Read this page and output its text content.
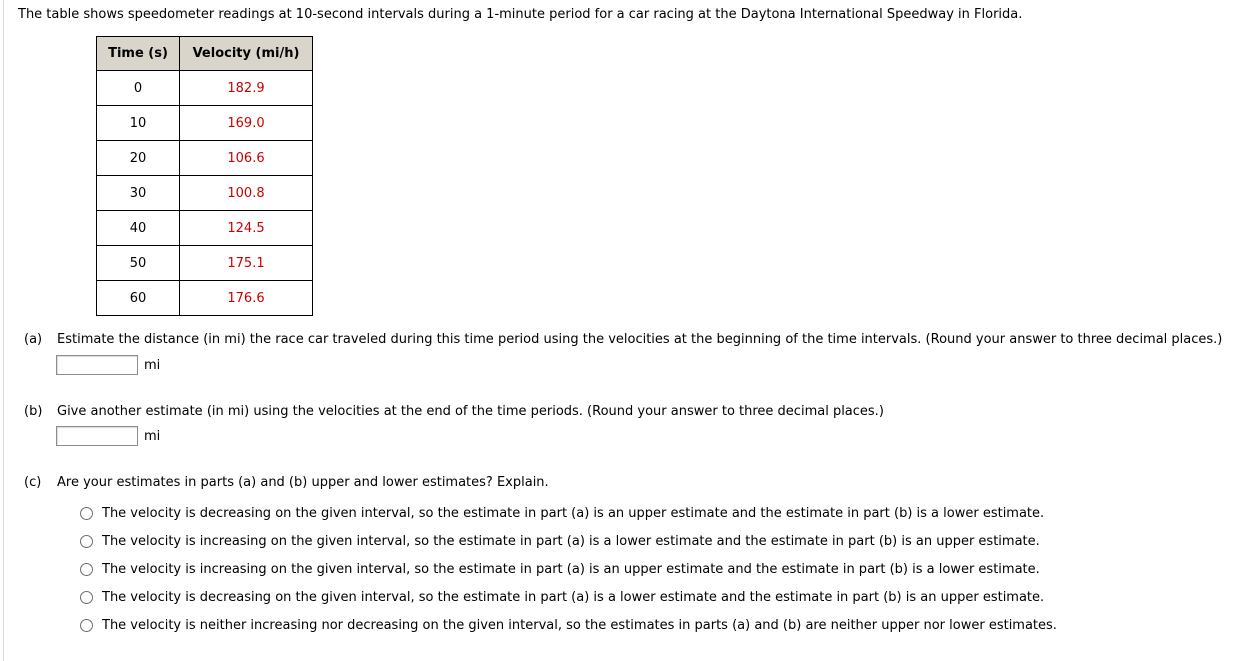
The table shows speedometer readings at 10-second intervals during a 1-minute period for a car racing at the Daytona International Speedway in Florida.
Time (s)	Velocity (mi/h)
0	182.9
10	169.0
20	106.6
30	100.8
40	124.5
50	175.1
60	176.6
(a) Estimate the distance (in mi) the race car traveled during this time period using the velocities at the beginning of the time intervals. (Round your answer to three decimal places.)
mi
(b) Give another estimate (in mi) using the velocities at the end of the time periods. (Round your answer to three decimal places.)
mi
(c) Are your estimates in parts (a) and (b) upper and lower estimates? Explain.
The velocity is decreasing on the given interval, so the estimate in part (a) is an upper estimate and the estimate in part (b) is a lower estimate.
The velocity is increasing on the given interval, so the estimate in part (a) is a lower estimate and the estimate in part (b) is an upper estimate.
The velocity is increasing on the given interval, so the estimate in part (a) is an upper estimate and the estimate in part (b) is a lower estimate.
The velocity is decreasing on the given interval, so the estimate in part (a) is a lower estimate and the estimate in part (b) is an upper estimate.
The velocity is neither increasing nor decreasing on the given interval, so the estimates in parts (a) and (b) are neither upper nor lower estimates.
